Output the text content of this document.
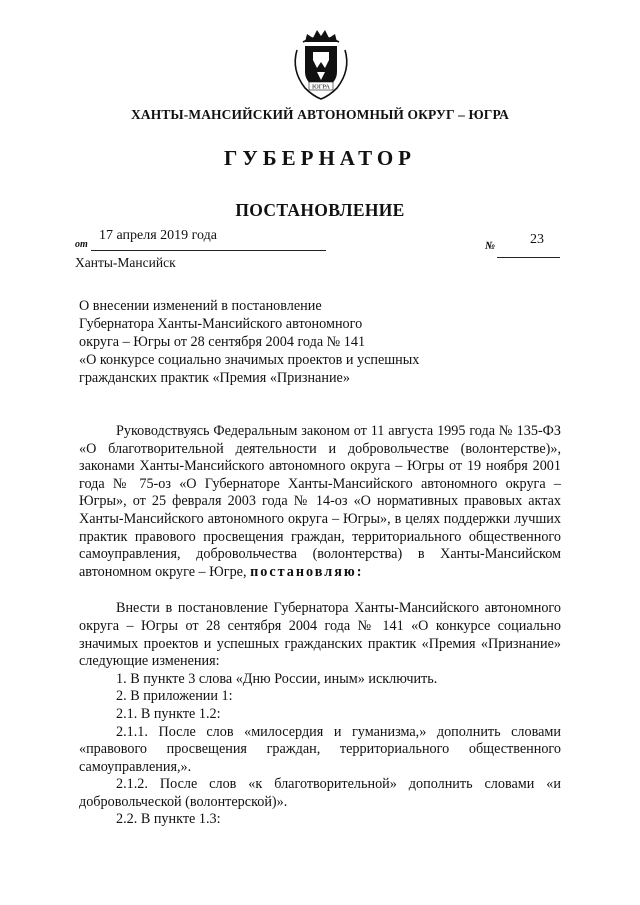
ЮГРА
ХАНТЫ-МАНСИЙСКИЙ АВТОНОМНЫЙ ОКРУГ – ЮГРА
ГУБЕРНАТОР
ПОСТАНОВЛЕНИЕ
от
17 апреля 2019 года
№ 23
Ханты-Мансийск
О внесении изменений в постановление
Губернатора Ханты-Мансийского автономного
округа – Югры от 28 сентября 2004 года № 141
«О конкурсе социально значимых проектов и успешных
гражданских практик «Премия «Признание»

Руководствуясь Федеральным законом от 11 августа 1995 года № 135-ФЗ «О благотворительной деятельности и добровольчестве (волонтерстве)», законами Ханты-Мансийского автономного округа – Югры от 19 ноября 2001 года № 75-оз «О Губернаторе Ханты-Мансийского автономного округа – Югры», от 25 февраля 2003 года № 14-оз «О нормативных правовых актах Ханты-Мансийского автономного округа – Югры», в целях поддержки лучших практик правового просвещения граждан, территориального общественного самоуправления, добровольчества (волонтерства) в Ханты-Мансийском автономном округе – Югре, постановляю:

Внести в постановление Губернатора Ханты-Мансийского автономного округа – Югры от 28 сентября 2004 года № 141 «О конкурсе социально значимых проектов и успешных гражданских практик «Премия «Признание» следующие изменения:

1. В пункте 3 слова «Дню России, иным» исключить.

2. В приложении 1:

2.1. В пункте 1.2:

2.1.1. После слов «милосердия и гуманизма,» дополнить словами «правового просвещения граждан, территориального общественного самоуправления,».

2.1.2. После слов «к благотворительной» дополнить словами «и добровольческой (волонтерской)».

2.2. В пункте 1.3:
